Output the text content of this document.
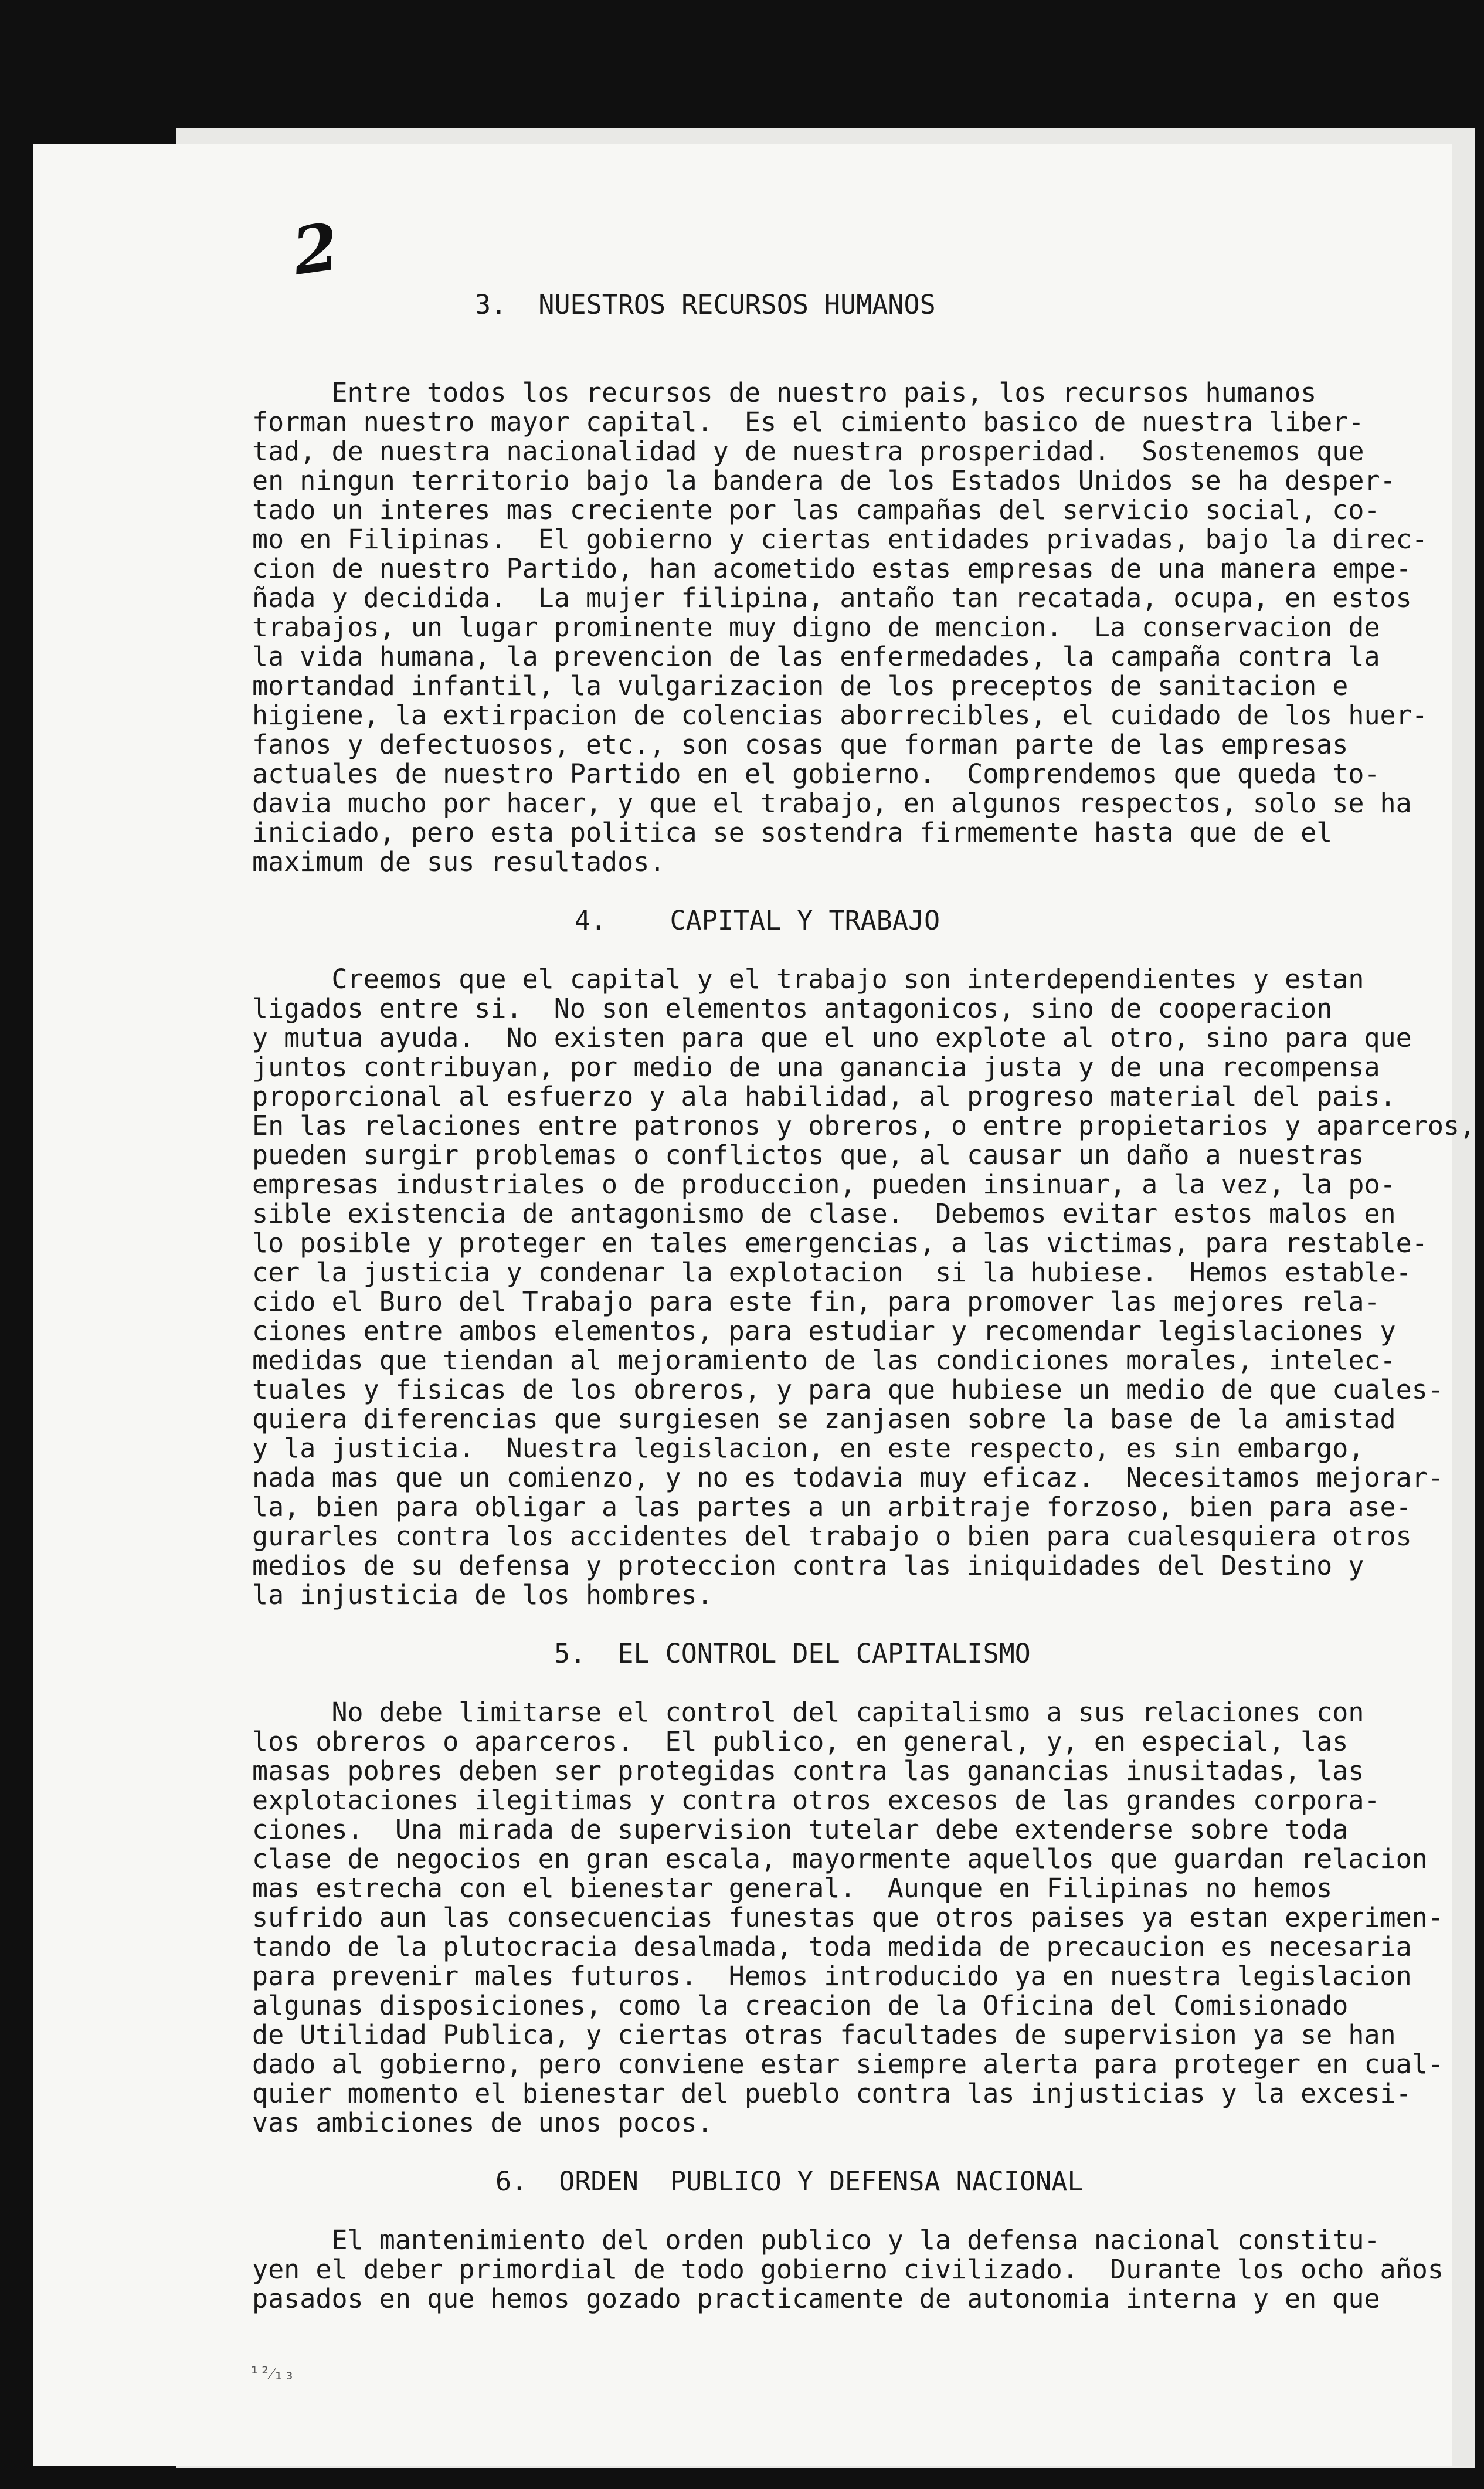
2
3.  NUESTROS RECURSOS HUMANOS
Entre todos los recursos de nuestro pais, los recursos humanos
forman nuestro mayor capital.  Es el cimiento basico de nuestra liber-
tad, de nuestra nacionalidad y de nuestra prosperidad.  Sostenemos que
en ningun territorio bajo la bandera de los Estados Unidos se ha desper-
tado un interes mas creciente por las campañas del servicio social, co-
mo en Filipinas.  El gobierno y ciertas entidades privadas, bajo la direc-
cion de nuestro Partido, han acometido estas empresas de una manera empe-
ñada y decidida.  La mujer filipina, antaño tan recatada, ocupa, en estos
trabajos, un lugar prominente muy digno de mencion.  La conservacion de
la vida humana, la prevencion de las enfermedades, la campaña contra la
mortandad infantil, la vulgarizacion de los preceptos de sanitacion e
higiene, la extirpacion de colencias aborrecibles, el cuidado de los huer-
fanos y defectuosos, etc., son cosas que forman parte de las empresas
actuales de nuestro Partido en el gobierno.  Comprendemos que queda to-
davia mucho por hacer, y que el trabajo, en algunos respectos, solo se ha
iniciado, pero esta politica se sostendra firmemente hasta que de el
maximum de sus resultados.
4.    CAPITAL Y TRABAJO
Creemos que el capital y el trabajo son interdependientes y estan
ligados entre si.  No son elementos antagonicos, sino de cooperacion
y mutua ayuda.  No existen para que el uno explote al otro, sino para que
juntos contribuyan, por medio de una ganancia justa y de una recompensa
proporcional al esfuerzo y ala habilidad, al progreso material del pais.
En las relaciones entre patronos y obreros, o entre propietarios y aparceros,
pueden surgir problemas o conflictos que, al causar un daño a nuestras
empresas industriales o de produccion, pueden insinuar, a la vez, la po-
sible existencia de antagonismo de clase.  Debemos evitar estos malos en
lo posible y proteger en tales emergencias, a las victimas, para restable-
cer la justicia y condenar la explotacion  si la hubiese.  Hemos estable-
cido el Buro del Trabajo para este fin, para promover las mejores rela-
ciones entre ambos elementos, para estudiar y recomendar legislaciones y
medidas que tiendan al mejoramiento de las condiciones morales, intelec-
tuales y fisicas de los obreros, y para que hubiese un medio de que cuales-
quiera diferencias que surgiesen se zanjasen sobre la base de la amistad
y la justicia.  Nuestra legislacion, en este respecto, es sin embargo,
nada mas que un comienzo, y no es todavia muy eficaz.  Necesitamos mejorar-
la, bien para obligar a las partes a un arbitraje forzoso, bien para ase-
gurarles contra los accidentes del trabajo o bien para cualesquiera otros
medios de su defensa y proteccion contra las iniquidades del Destino y
la injusticia de los hombres.
5.  EL CONTROL DEL CAPITALISMO
No debe limitarse el control del capitalismo a sus relaciones con
los obreros o aparceros.  El publico, en general, y, en especial, las
masas pobres deben ser protegidas contra las ganancias inusitadas, las
explotaciones ilegitimas y contra otros excesos de las grandes corpora-
ciones.  Una mirada de supervision tutelar debe extenderse sobre toda
clase de negocios en gran escala, mayormente aquellos que guardan relacion
mas estrecha con el bienestar general.  Aunque en Filipinas no hemos
sufrido aun las consecuencias funestas que otros paises ya estan experimen-
tando de la plutocracia desalmada, toda medida de precaucion es necesaria
para prevenir males futuros.  Hemos introducido ya en nuestra legislacion
algunas disposiciones, como la creacion de la Oficina del Comisionado
de Utilidad Publica, y ciertas otras facultades de supervision ya se han
dado al gobierno, pero conviene estar siempre alerta para proteger en cual-
quier momento el bienestar del pueblo contra las injusticias y la excesi-
vas ambiciones de unos pocos.
6.  ORDEN  PUBLICO Y DEFENSA NACIONAL
El mantenimiento del orden publico y la defensa nacional constitu-
yen el deber primordial de todo gobierno civilizado.  Durante los ocho años
pasados en que hemos gozado practicamente de autonomia interna y en que
¹²⁄₁₃
